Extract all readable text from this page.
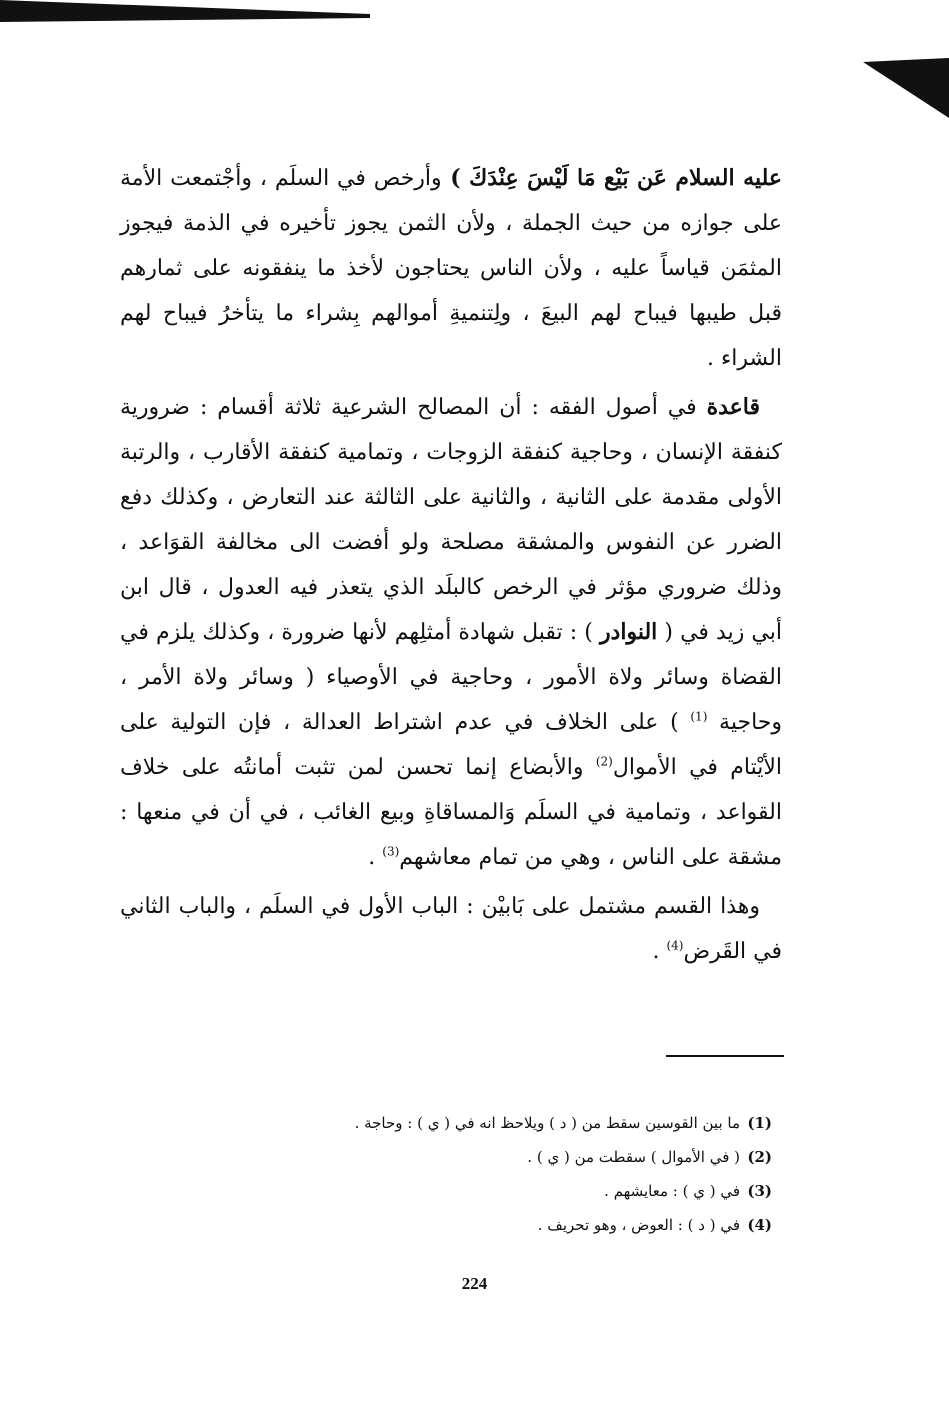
عليه السلام عَن بَيْع مَا لَيْسَ عِنْدَكَ ) وأرخص في السلَم ، وأجْتمعت الأمة على جوازه من حيث الجملة ، ولأن الثمن يجوز تأخيره في الذمة فيجوز المثمَن قياساً عليه ، ولأن الناس يحتاجون لأخذ ما ينفقونه على ثمارهم قبل طيبها فيباح لهم البيعَ ، ولِتنميةِ أموالهم بِشراء ما يتأخرُ فيباح لهم الشراء .

قاعدة في أصول الفقه : أن المصالح الشرعية ثلاثة أقسام : ضرورية كنفقة الإنسان ، وحاجية كنفقة الزوجات ، وتمامية كنفقة الأقارب ، والرتبة الأولى مقدمة على الثانية ، والثانية على الثالثة عند التعارض ، وكذلك دفع الضرر عن النفوس والمشقة مصلحة ولو أفضت الى مخالفة القوَاعد ، وذلك ضروري مؤثر في الرخص كالبلَد الذي يتعذر فيه العدول ، قال ابن أبي زيد في ( النوادر ) : تقبل شهادة أمثلِهم لأنها ضرورة ، وكذلك يلزم في القضاة وسائر ولاة الأمور ، وحاجية في الأوصياء ( وسائر ولاة الأمر ، وحاجية $^{(1)}$ ) على الخلاف في عدم اشتراط العدالة ، فإن التولية على الأيْتام في الأموال$^{(2)}$ والأبضاع إنما تحسن لمن تثبت أمانتُه على خلاف القواعد ، وتمامية في السلَم وَالمساقاةِ وبيع الغائب ، في أن في منعها : مشقة على الناس ، وهي من تمام معاشهم$^{(3)}$ .

وهذا القسم مشتمل على بَابيْن : الباب الأول في السلَم ، والباب الثاني في القَرض$^{(4)}$ .

(1)ما بين القوسين سقط من ( د ) ويلاحظ انه في ( ي ) : وحاجة .
(2)( في الأموال ) سقطت من ( ي ) .
(3)في ( ي ) : معايشهم .
(4)في ( د ) : العوض ، وهو تحريف .
224
